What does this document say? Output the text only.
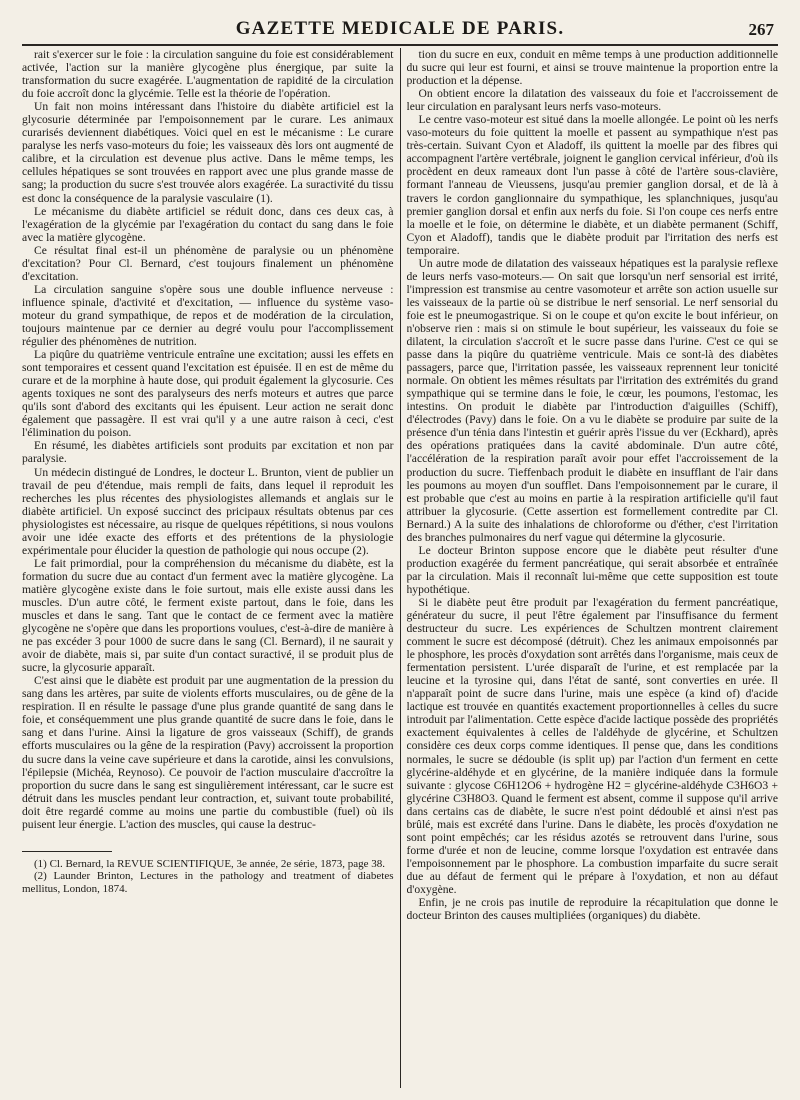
GAZETTE MEDICALE DE PARIS.	267

rait s'exercer sur le foie : la circulation sanguine du foie est considérablement activée, l'action sur la manière glycogène plus énergique, par suite la transformation du sucre exagérée. L'augmentation de rapidité de la circulation du foie accroît donc la glycémie. Telle est la théorie de l'opération.

Un fait non moins intéressant dans l'histoire du diabète artificiel est la glycosurie déterminée par l'empoisonnement par le curare. Les animaux curarisés deviennent diabétiques. Voici quel en est le mécanisme : Le curare paralyse les nerfs vaso-moteurs du foie; les vaisseaux dès lors ont augmenté de calibre, et la circulation est devenue plus active. Dans le même temps, les cellules hépatiques se sont trouvées en rapport avec une plus grande masse de sang; la production du sucre s'est trouvée alors exagérée. La suractivité du tissu est donc la conséquence de la paralysie vasculaire (1).

Le mécanisme du diabète artificiel se réduit donc, dans ces deux cas, à l'exagération de la glycémie par l'exagération du contact du sang dans le foie avec la matière glycogène.

Ce résultat final est-il un phénomène de paralysie ou un phénomène d'excitation? Pour Cl. Bernard, c'est toujours finalement un phénomène d'excitation.

La circulation sanguine s'opère sous une double influence nerveuse : influence spinale, d'activité et d'excitation, — influence du système vaso-moteur du grand sympathique, de repos et de modération de la circulation, toujours maintenue par ce dernier au degré voulu pour l'accomplissement régulier des phénomènes de nutrition.

La piqûre du quatrième ventricule entraîne une excitation; aussi les effets en sont temporaires et cessent quand l'excitation est épuisée. Il en est de même du curare et de la morphine à haute dose, qui produit également la glycosurie. Ces agents toxiques ne sont des paralyseurs des nerfs moteurs et autres que parce qu'ils sont d'abord des excitants qui les épuisent. Leur action ne serait donc également que passagère. Il est vrai qu'il y a une autre raison à ceci, c'est l'élimination du poison.

En résumé, les diabètes artificiels sont produits par excitation et non par paralysie.

Un médecin distingué de Londres, le docteur L. Brunton, vient de publier un travail de peu d'étendue, mais rempli de faits, dans lequel il reproduit les recherches les plus récentes des physiologistes allemands et anglais sur le diabète artificiel. Un exposé succinct des pricipaux résultats obtenus par ces physiologistes est nécessaire, au risque de quelques répétitions, si nous voulons avoir une idée exacte des efforts et des prétentions de la physiologie expérimentale pour élucider la question de pathologie qui nous occupe (2).

Le fait primordial, pour la compréhension du mécanisme du diabète, est la formation du sucre due au contact d'un ferment avec la matière glycogène. La matière glycogène existe dans le foie surtout, mais elle existe aussi dans les muscles. D'un autre côté, le ferment existe partout, dans le foie, dans les muscles et dans le sang. Tant que le contact de ce ferment avec la matière glycogène ne s'opère que dans les proportions voulues, c'est-à-dire de manière à ne pas excéder 3 pour 1000 de sucre dans le sang (Cl. Bernard), il ne saurait y avoir de diabète, mais si, par suite d'un contact suractivé, il se produit plus de sucre, la glycosurie apparaît.

C'est ainsi que le diabète est produit par une augmentation de la pression du sang dans les artères, par suite de violents efforts musculaires, ou de gêne de la respiration. Il en résulte le passage d'une plus grande quantité de sang dans le foie, et conséquemment une plus grande quantité de sucre dans le foie, dans le sang et dans l'urine. Ainsi la ligature de gros vaisseaux (Schiff), de grands efforts musculaires ou la gêne de la respiration (Pavy) accroissent la proportion du sucre dans la veine cave supérieure et dans la carotide, ainsi les convulsions, l'épilepsie (Michéa, Reynoso). Ce pouvoir de l'action musculaire d'accroître la proportion du sucre dans le sang est singulièrement intéressant, car le sucre est détruit dans les muscles pendant leur contraction, et, suivant toute probabilité, doit être regardé comme au moins une partie du combustible (fuel) où ils puisent leur énergie. L'action des muscles, qui cause la destruc-

(1) Cl. Bernard, la REVUE SCIENTIFIQUE, 3e année, 2e série, 1873, page 38.

(2) Launder Brinton, Lectures in the pathology and treatment of diabetes mellitus, London, 1874.

tion du sucre en eux, conduit en même temps à une production additionnelle du sucre qui leur est fourni, et ainsi se trouve maintenue la proportion entre la production et la dépense.

On obtient encore la dilatation des vaisseaux du foie et l'accroissement de leur circulation en paralysant leurs nerfs vaso-moteurs.

Le centre vaso-moteur est situé dans la moelle allongée. Le point où les nerfs vaso-moteurs du foie quittent la moelle et passent au sympathique n'est pas très-certain. Suivant Cyon et Aladoff, ils quittent la moelle par des fibres qui accompagnent l'artère vertébrale, joignent le ganglion cervical inférieur, d'où ils procèdent en deux rameaux dont l'un passe à côté de l'artère sous-clavière, formant l'anneau de Vieussens, jusqu'au premier ganglion dorsal, et de là à travers le cordon ganglionnaire du sympathique, les splanchniques, jusqu'au premier ganglion dorsal et enfin aux nerfs du foie. Si l'on coupe ces nerfs entre la moelle et le foie, on détermine le diabète, et un diabète permanent (Schiff, Cyon et Aladoff), tandis que le diabète produit par l'irritation des nerfs est temporaire.

Un autre mode de dilatation des vaisseaux hépatiques est la paralysie reflexe de leurs nerfs vaso-moteurs.— On sait que lorsqu'un nerf sensorial est irrité, l'impression est transmise au centre vasomoteur et arrête son action usuelle sur les vaisseaux de la partie où se distribue le nerf sensorial. Le nerf sensorial du foie est le pneumogastrique. Si on le coupe et qu'on excite le bout inférieur, on n'observe rien : mais si on stimule le bout supérieur, les vaisseaux du foie se dilatent, la circulation s'accroît et le sucre passe dans l'urine. C'est ce qui se passe dans la piqûre du quatrième ventricule. Mais ce sont-là des diabètes passagers, parce que, l'irritation passée, les vaisseaux reprennent leur tonicité normale. On obtient les mêmes résultats par l'irritation des extrémités du grand sympathique qui se termine dans le foie, le cœur, les poumons, l'estomac, les intestins. On produit le diabète par l'introduction d'aiguilles (Schiff), d'électrodes (Pavy) dans le foie. On a vu le diabète se produire par suite de la présence d'un ténia dans l'intestin et guérir après l'issue du ver (Eckhard), après des opérations pratiquées dans la cavité abdominale. D'un autre côté, l'accélération de la respiration paraît avoir pour effet l'accroissement de la production du sucre. Tieffenbach produit le diabète en insufflant de l'air dans les poumons au moyen d'un soufflet. Dans l'empoisonnement par le curare, il est probable que c'est au moins en partie à la respiration artificielle qu'il faut attribuer la glycosurie. (Cette assertion est formellement contredite par Cl. Bernard.) A la suite des inhalations de chloroforme ou d'éther, c'est l'irritation des branches pulmonaires du nerf vague qui détermine la glycosurie.

Le docteur Brinton suppose encore que le diabète peut résulter d'une production exagérée du ferment pancréatique, qui serait absorbée et entraînée par la circulation. Mais il reconnaît lui-même que cette supposition est toute hypothétique.

Si le diabète peut être produit par l'exagération du ferment pancréatique, générateur du sucre, il peut l'être également par l'insuffisance du ferment destructeur du sucre. Les expériences de Schultzen montrent clairement comment le sucre est décomposé (détruit). Chez les animaux empoisonnés par le phosphore, les procès d'oxydation sont arrêtés dans l'organisme, mais ceux de fermentation persistent. L'urée disparaît de l'urine, et est remplacée par la leucine et la tyrosine qui, dans l'état de santé, sont converties en urée. Il n'apparaît point de sucre dans l'urine, mais une espèce (a kind of) d'acide lactique est trouvée en quantités exactement proportionnelles à celles du sucre introduit par l'alimentation. Cette espèce d'acide lactique possède des propriétés exactement équivalentes à celles de l'aldéhyde de glycérine, et Schultzen considère ces deux corps comme identiques. Il pense que, dans les conditions normales, le sucre se dédouble (is split up) par l'action d'un ferment en cette glycérine-aldéhyde et en glycérine, de la manière indiquée dans la formule suivante : glycose C6H12O6 + hydrogène H2 = glycérine-aldéhyde C3H6O3 + glycérine C3H8O3. Quand le ferment est absent, comme il suppose qu'il arrive dans certains cas de diabète, le sucre n'est point dédoublé et ainsi n'est pas brûlé, mais est excrété dans l'urine. Dans le diabète, les procès d'oxydation ne sont point empêchés; car les résidus azotés se retrouvent dans l'urine, sous forme d'urée et non de leucine, comme lorsque l'oxydation est entravée dans l'empoisonnement par le phosphore. La combustion imparfaite du sucre serait due au défaut de ferment qui le prépare à l'oxydation, et non au défaut d'oxygène.

Enfin, je ne crois pas inutile de reproduire la récapitulation que donne le docteur Brinton des causes multipliées (organiques) du diabète.
